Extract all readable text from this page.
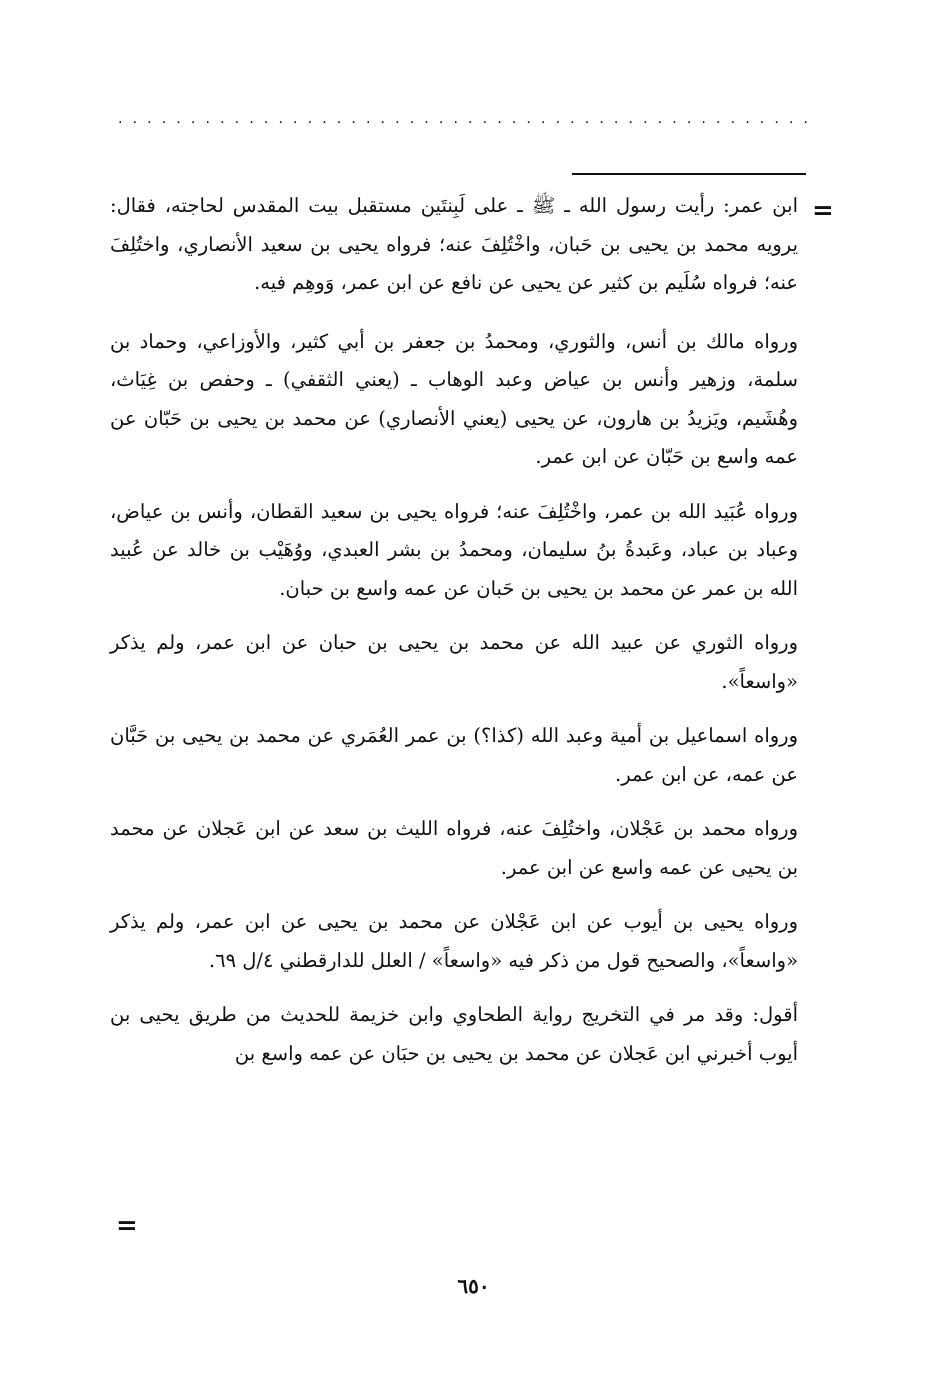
. . . . . . . . . . . . . . . . . . . . . . . . . . . . . . . . . . . . . . . . . . . . . . . .
=

ابن عمر: رأيت رسول الله ـ ﷺ ـ على لَبِنتَين مستقبل بيت المقدس لحاجته، فقال: يرويه محمد بن يحيى بن حَبان، واخْتُلِفَ عنه؛ فرواه يحيى بن سعيد الأنصاري، واختُلِفَ عنه؛ فرواه سُلَيم بن كثير عن يحيى عن نافع عن ابن عمر، وَوهِم فيه.

ورواه مالك بن أنس، والثوري، ومحمدُ بن جعفر بن أبي كثير، والأوزاعي، وحماد بن سلمة، وزهير وأنس بن عياض وعبد الوهاب ـ (يعني الثقفي) ـ وحفص بن غِيَاث، وهُشَيم، ويَزيدُ بن هارون، عن يحيى (يعني الأنصاري) عن محمد بن يحيى بن حَبّان عن عمه واسع بن حَبّان عن ابن عمر.

ورواه عُبَيد الله بن عمر، واخْتُلِفَ عنه؛ فرواه يحيى بن سعيد القطان، وأنس بن عياض، وعباد بن عباد، وعَبدةُ بنُ سليمان، ومحمدُ بن بشر العبدي، ووُهَيْب بن خالد عن عُبيد الله بن عمر عن محمد بن يحيى بن حَبان عن عمه واسع بن حبان.

ورواه الثوري عن عبيد الله عن محمد بن يحيى بن حبان عن ابن عمر، ولم يذكر «واسعاً».

ورواه اسماعيل بن أمية وعبد الله (كذا؟) بن عمر العُمَري عن محمد بن يحيى بن حَبَّان عن عمه، عن ابن عمر.

ورواه محمد بن عَجْلان، واختُلِفَ عنه، فرواه الليث بن سعد عن ابن عَجلان عن محمد بن يحيى عن عمه واسع عن ابن عمر.

ورواه يحيى بن أيوب عن ابن عَجْلان عن محمد بن يحيى عن ابن عمر، ولم يذكر «واسعاً»، والصحيح قول من ذكر فيه «واسعاً» / العلل للدارقطني ٤/ل ٦٩.

أقول: وقد مر في التخريج رواية الطحاوي وابن خزيمة للحديث من طريق يحيى بن أيوب أخبرني ابن عَجلان عن محمد بن يحيى بن حبَان عن عمه واسع بن

=
٦٥٠
